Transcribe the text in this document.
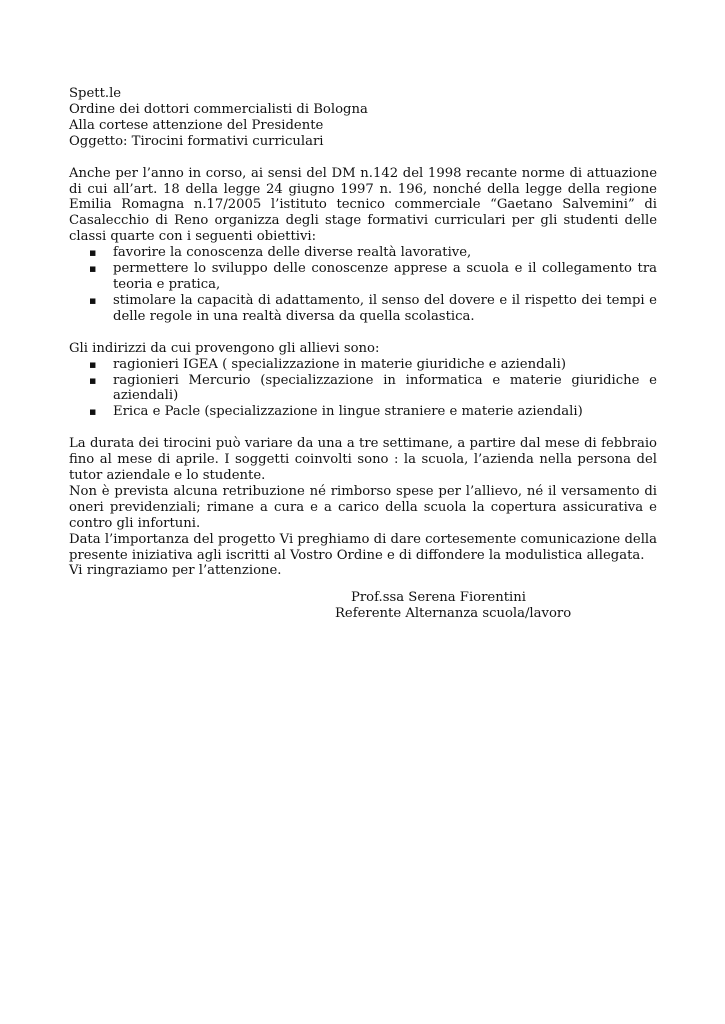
Spett.le
Ordine dei dottori commercialisti di Bologna
Alla cortese attenzione del Presidente
Oggetto: Tirocini formativi curriculari

Anche per l’anno in corso, ai sensi del DM n.142 del 1998 recante norme di attuazione di cui all’art. 18 della legge 24 giugno 1997 n. 196, nonché della legge della regione Emilia Romagna n.17/2005 l’istituto tecnico commerciale “Gaetano Salvemini” di Casalecchio di Reno organizza degli stage formativi curriculari per gli studenti delle classi quarte con i seguenti obiettivi:

▪ favorire la conoscenza delle diverse realtà lavorative,
▪ permettere lo sviluppo delle conoscenze apprese a scuola e il collegamento tra teoria e pratica,
▪ stimolare la capacità di adattamento, il senso del dovere e il rispetto dei tempi e delle regole in una realtà diversa da quella scolastica.

Gli indirizzi da cui provengono gli allievi sono:

▪ ragionieri IGEA ( specializzazione in materie giuridiche e aziendali)
▪ ragionieri Mercurio (specializzazione in informatica e materie giuridiche e aziendali)
▪ Erica e Pacle (specializzazione in lingue straniere e materie aziendali)

La durata dei tirocini può variare da una a tre settimane, a partire dal mese di febbraio fino al mese di aprile. I soggetti coinvolti sono : la scuola, l’azienda nella persona del tutor aziendale e lo studente.

Non è prevista alcuna retribuzione né rimborso spese per l’allievo, né il versamento di oneri previdenziali; rimane a cura e a carico della scuola la copertura assicurativa e contro gli infortuni.

Data l’importanza del progetto Vi preghiamo di dare cortesemente comunicazione della presente iniziativa agli iscritti al Vostro Ordine e di diffondere la modulistica allegata.

Vi ringraziamo per l’attenzione.

Prof.ssa Serena Fiorentini
Referente Alternanza scuola/lavoro
